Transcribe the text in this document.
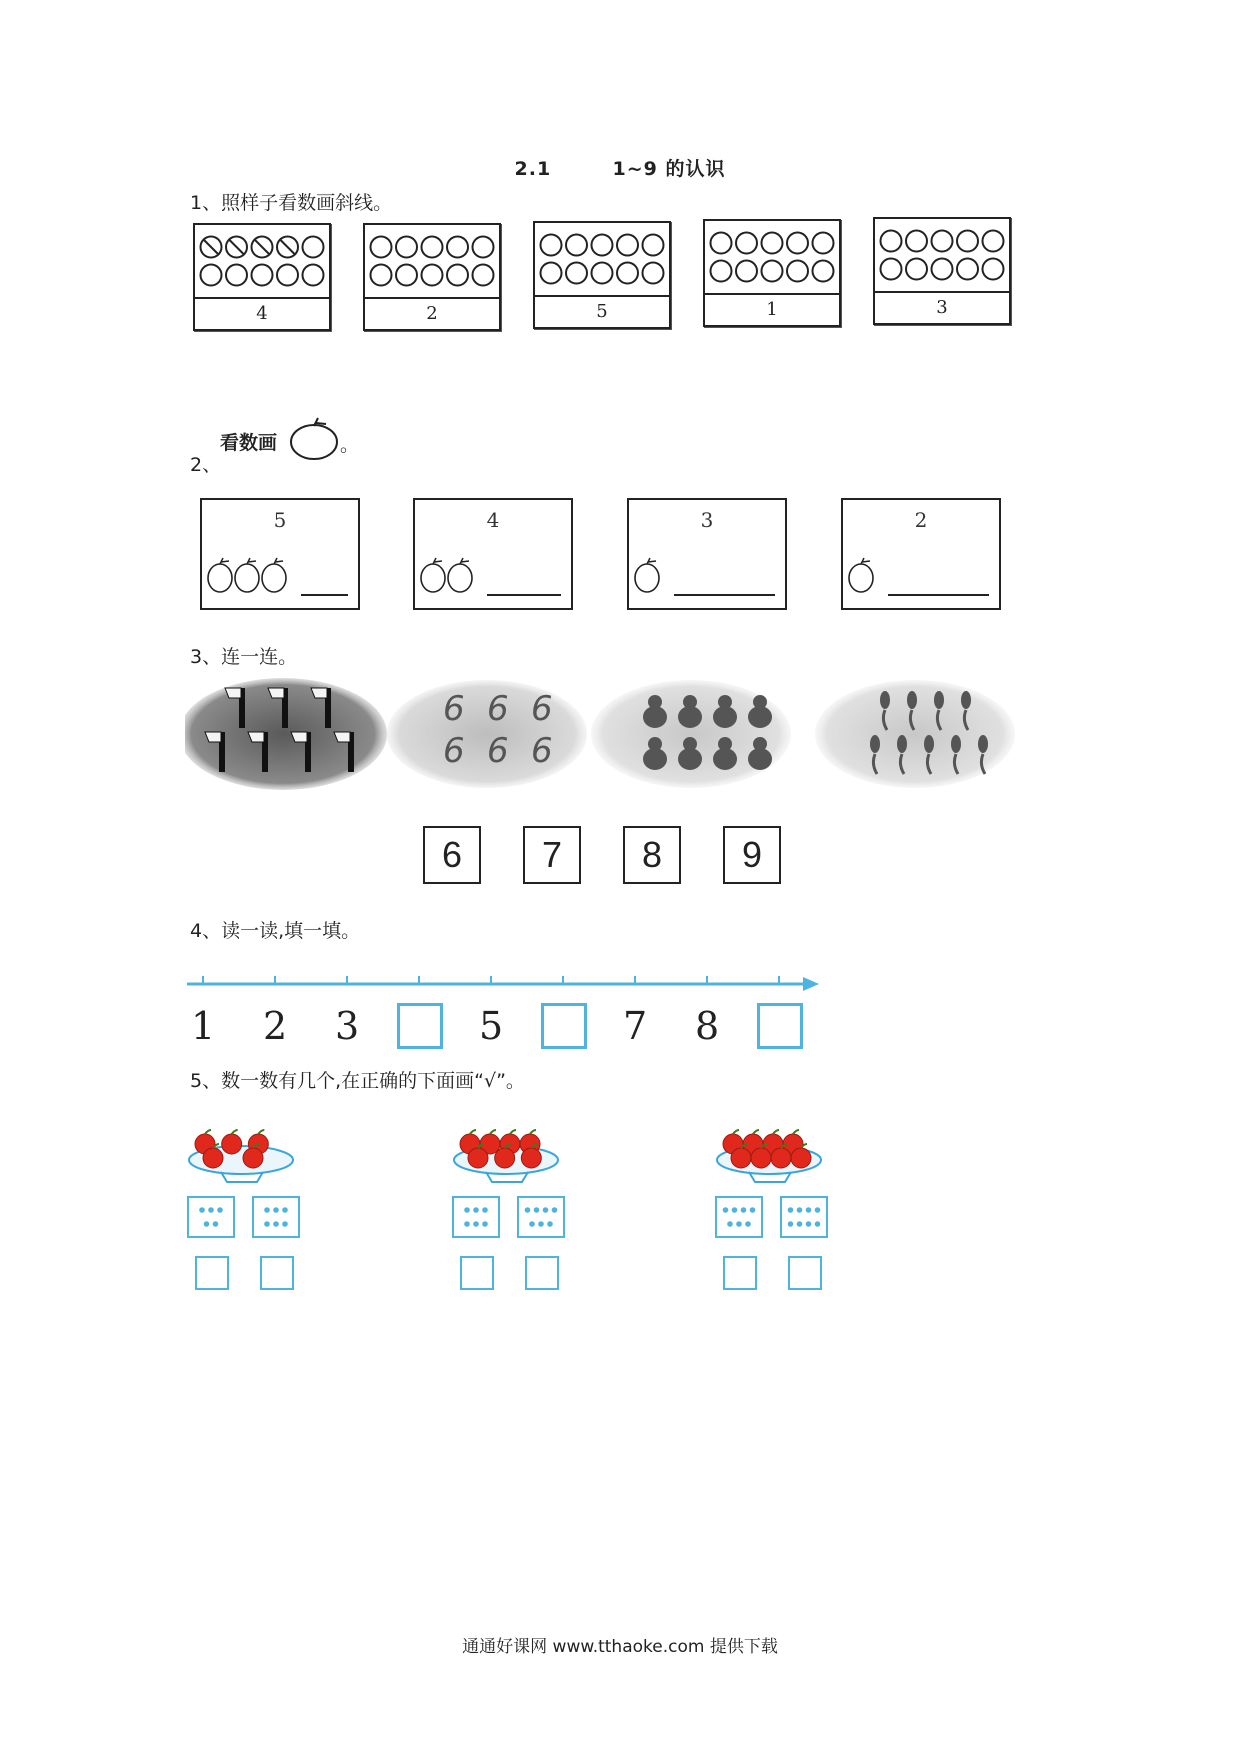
2.1	1~9 的认识
1、照样子看数画斜线。
4	2	5	1	3
2、
看数画	。
5	4	3	2
3、连一连。
6 6 6
6 6 6
6	7	8	9
4、读一读,填一填。
1 2 3	5	7 8
5、数一数有几个,在正确的下面画“√”。
通通好课网 www.tthaoke.com 提供下载
